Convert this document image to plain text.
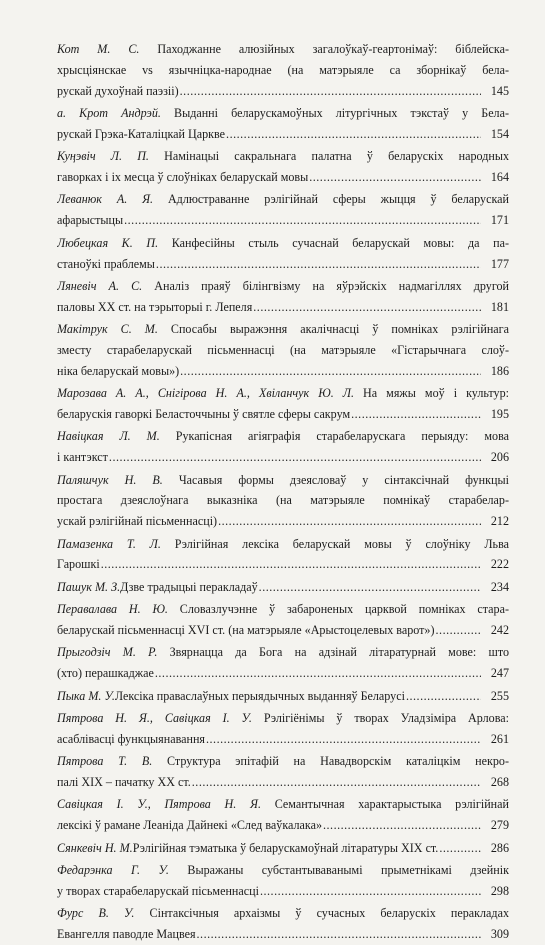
Кот М. С. Паходжанне алюзійных загалоўкаў-геартонімаў: біблейска-
хрысціянскае vs язычніцка-народнае (на матэрыяле са зборнікаў бела-
рускай духоўнай паэзіі) .....	145
а. Крот Андрэй. Выданні беларускамоўных літургічных тэкстаў у Бела-
рускай Грэка-Каталіцкай Царкве .....	154
Куңэвіч Л. П. Намінацыі сакральнага палатна ў беларускіх народных
гаворках і іх месца ў слоўніках беларускай мовы .....	164
Леванюк А. Я. Адлюстраванне рэлігійнай сферы жыцця ў беларускай
афарыстыцы .....	171
Любецкая К. П. Канфесійны стыль сучаснай беларускай мовы: да па-
станоўкі праблемы .....	177
Ляневіч А. С. Аналіз праяў білінгвізму на яўрэйскіх надмагіллях другой
паловы XX ст. на тэрыторыі г. Лепеля .....	181
Макітрук С. М. Спосабы выражэння акалічнасці ў помніках рэлігійнага
зместу старабеларускай пісьменнасці (на матэрыяле «Гістарычнага слоў-
ніка беларускай мовы») .....	186
Марозава А. А., Снігірова Н. А., Хвіланчук Ю. Л. На мяжы моў і культур:
беларускія гаворкі Беласточчыны ў святле сферы сакрум .....	195
Навіцкая Л. М. Рукапісная агіяграфія старабеларускага перыяду: мова
і кантэкст .....	206
Паляшчук Н. В. Часавыя формы дзеясловаў у сінтаксічнай функцыі
простага дзеяслоўнага выказніка (на матэрыяле помнікаў старабелар-
ускай рэлігійнай пісьменнасці) .....	212
Памазенка Т. Л. Рэлігійная лексіка беларускай мовы ў слоўніку Льва
Гарошкі .....	222
Пашук М. З. Дзве традыцыі перакладаў .....	234
Перавалава Н. Ю. Словазлучэнне ў забароненых царквой помніках стара-
беларускай пісьменнасці XVI ст. (на матэрыяле «Арыстоцелевых варот») .....	242
Прыгодзіч М. Р. Звярнацца да Бога на адзінай літаратурнай мове: што
(хто) перашкаджае .....	247
Пыка М. У. Лексіка праваслаўных перыядычных выданняў Беларусі .....	255
Пятрова Н. Я., Савіцкая І. У. Рэлігіёнімы ў творах Уладзіміра Арлова:
асаблівасці функцыянавання .....	261
Пятрова Т. В. Структура эпітафій на Навадворскім каталіцкім некро-
палі XIX – пачатку XX ст. .....	268
Савіцкая І. У., Пятрова Н. Я. Семантычная характарыстыка рэлігійнай
лексікі ў рамане Леаніда Дайнекі «След ваўкалака» .....	279
Сянкевіч Н. М. Рэлігійная тэматыка ў беларускамоўнай літаратуры XIX ст. .....	286
Федарэнка Г. У. Выражаны субстантываванымі прыметнікамі дзейнік
у творах старабеларускай пісьменнасці .....	298
Фурс В. У. Сінтаксічныя архаізмы ў сучасных беларускіх перакладах
Евангелля паводле Мацвея .....	309
